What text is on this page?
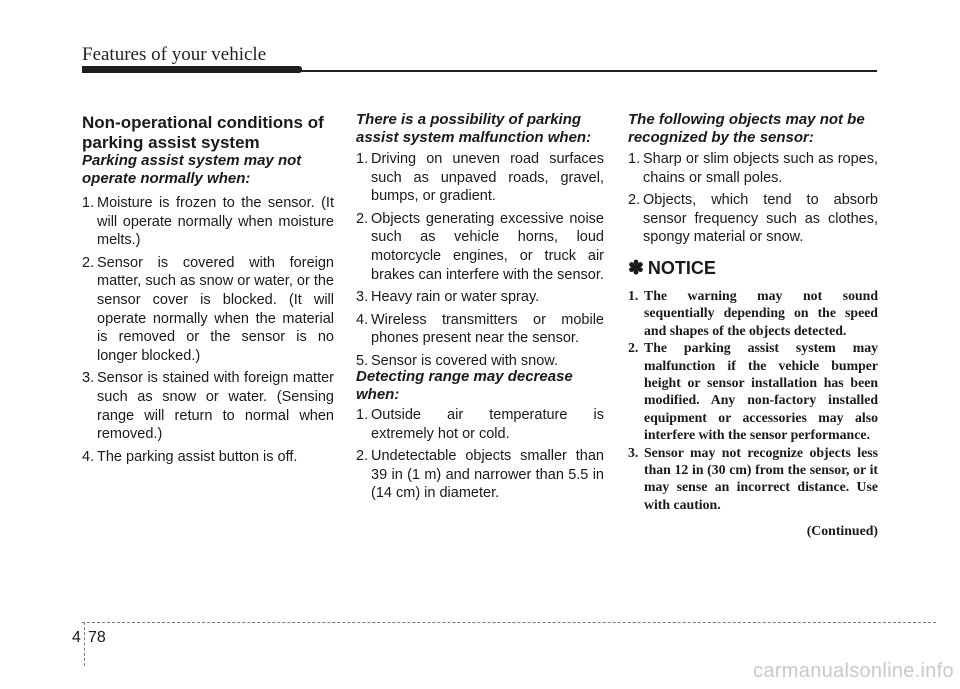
Features of your vehicle
Non-operational conditions of
parking assist system
Parking assist system may not
operate normally when:
1. Moisture is frozen to the sensor. (It will operate normally when moisture melts.)
2. Sensor is covered with foreign matter, such as snow or water, or the sensor cover is blocked. (It will operate normally when the material is removed or the sensor is no longer blocked.)
3. Sensor is stained with foreign matter such as snow or water. (Sensing range will return to normal when removed.)
4. The parking assist button is off.
There is a possibility of parking
assist system malfunction when:
1. Driving on uneven road surfaces such as unpaved roads, gravel, bumps, or gradient.
2. Objects generating excessive noise such as vehicle horns, loud motorcycle engines, or truck air brakes can interfere with the sensor.
3. Heavy rain or water spray.
4. Wireless transmitters or mobile phones present near the sensor.
5. Sensor is covered with snow.
Detecting range may decrease
when:
1. Outside air temperature is extremely hot or cold.
2. Undetectable objects smaller than 39 in (1 m) and narrower than 5.5 in (14 cm) in diameter.
The following objects may not be
recognized by the sensor:
1. Sharp or slim objects such as ropes, chains or small poles.
2. Objects, which tend to absorb sensor frequency such as clothes, spongy material or snow.
✽ NOTICE
1. The warning may not sound sequentially depending on the speed and shapes of the objects detected.
2. The parking assist system may malfunction if the vehicle bumper height or sensor installation has been modified. Any non-factory installed equipment or accessories may also interfere with the sensor performance.
3. Sensor may not recognize objects less than 12 in (30 cm) from the sensor, or it may sense an incorrect distance. Use with caution.
(Continued)
4 78
carmanualsonline.info
